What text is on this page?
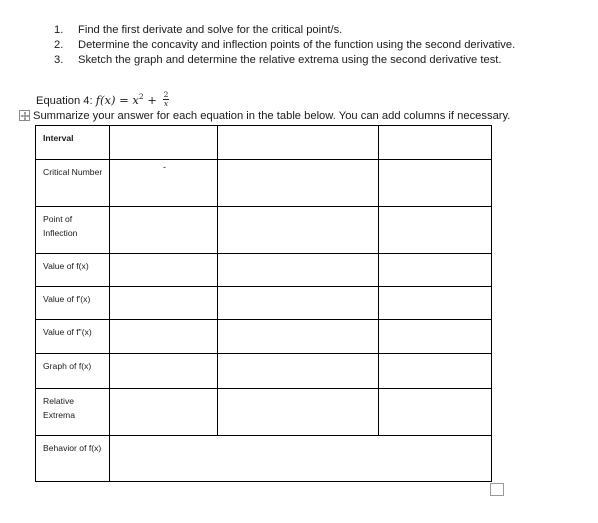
1. Find the first derivate and solve for the critical point/s.
2. Determine the concavity and inflection points of the function using the second derivative.
3. Sketch the graph and determine the relative extrema using the second derivative test.
Equation 4: $f(x) = x^2 + \frac{2}{x}$
Summarize your answer for each equation in the table below. You can add columns if necessary.
Interval			
Critical Number			
Point of Inflection			
Value of f(x)			
Value of f'(x)			
Value of f"(x)			
Graph of f(x)			
Relative Extrema			
Behavior of f(x)			
-
